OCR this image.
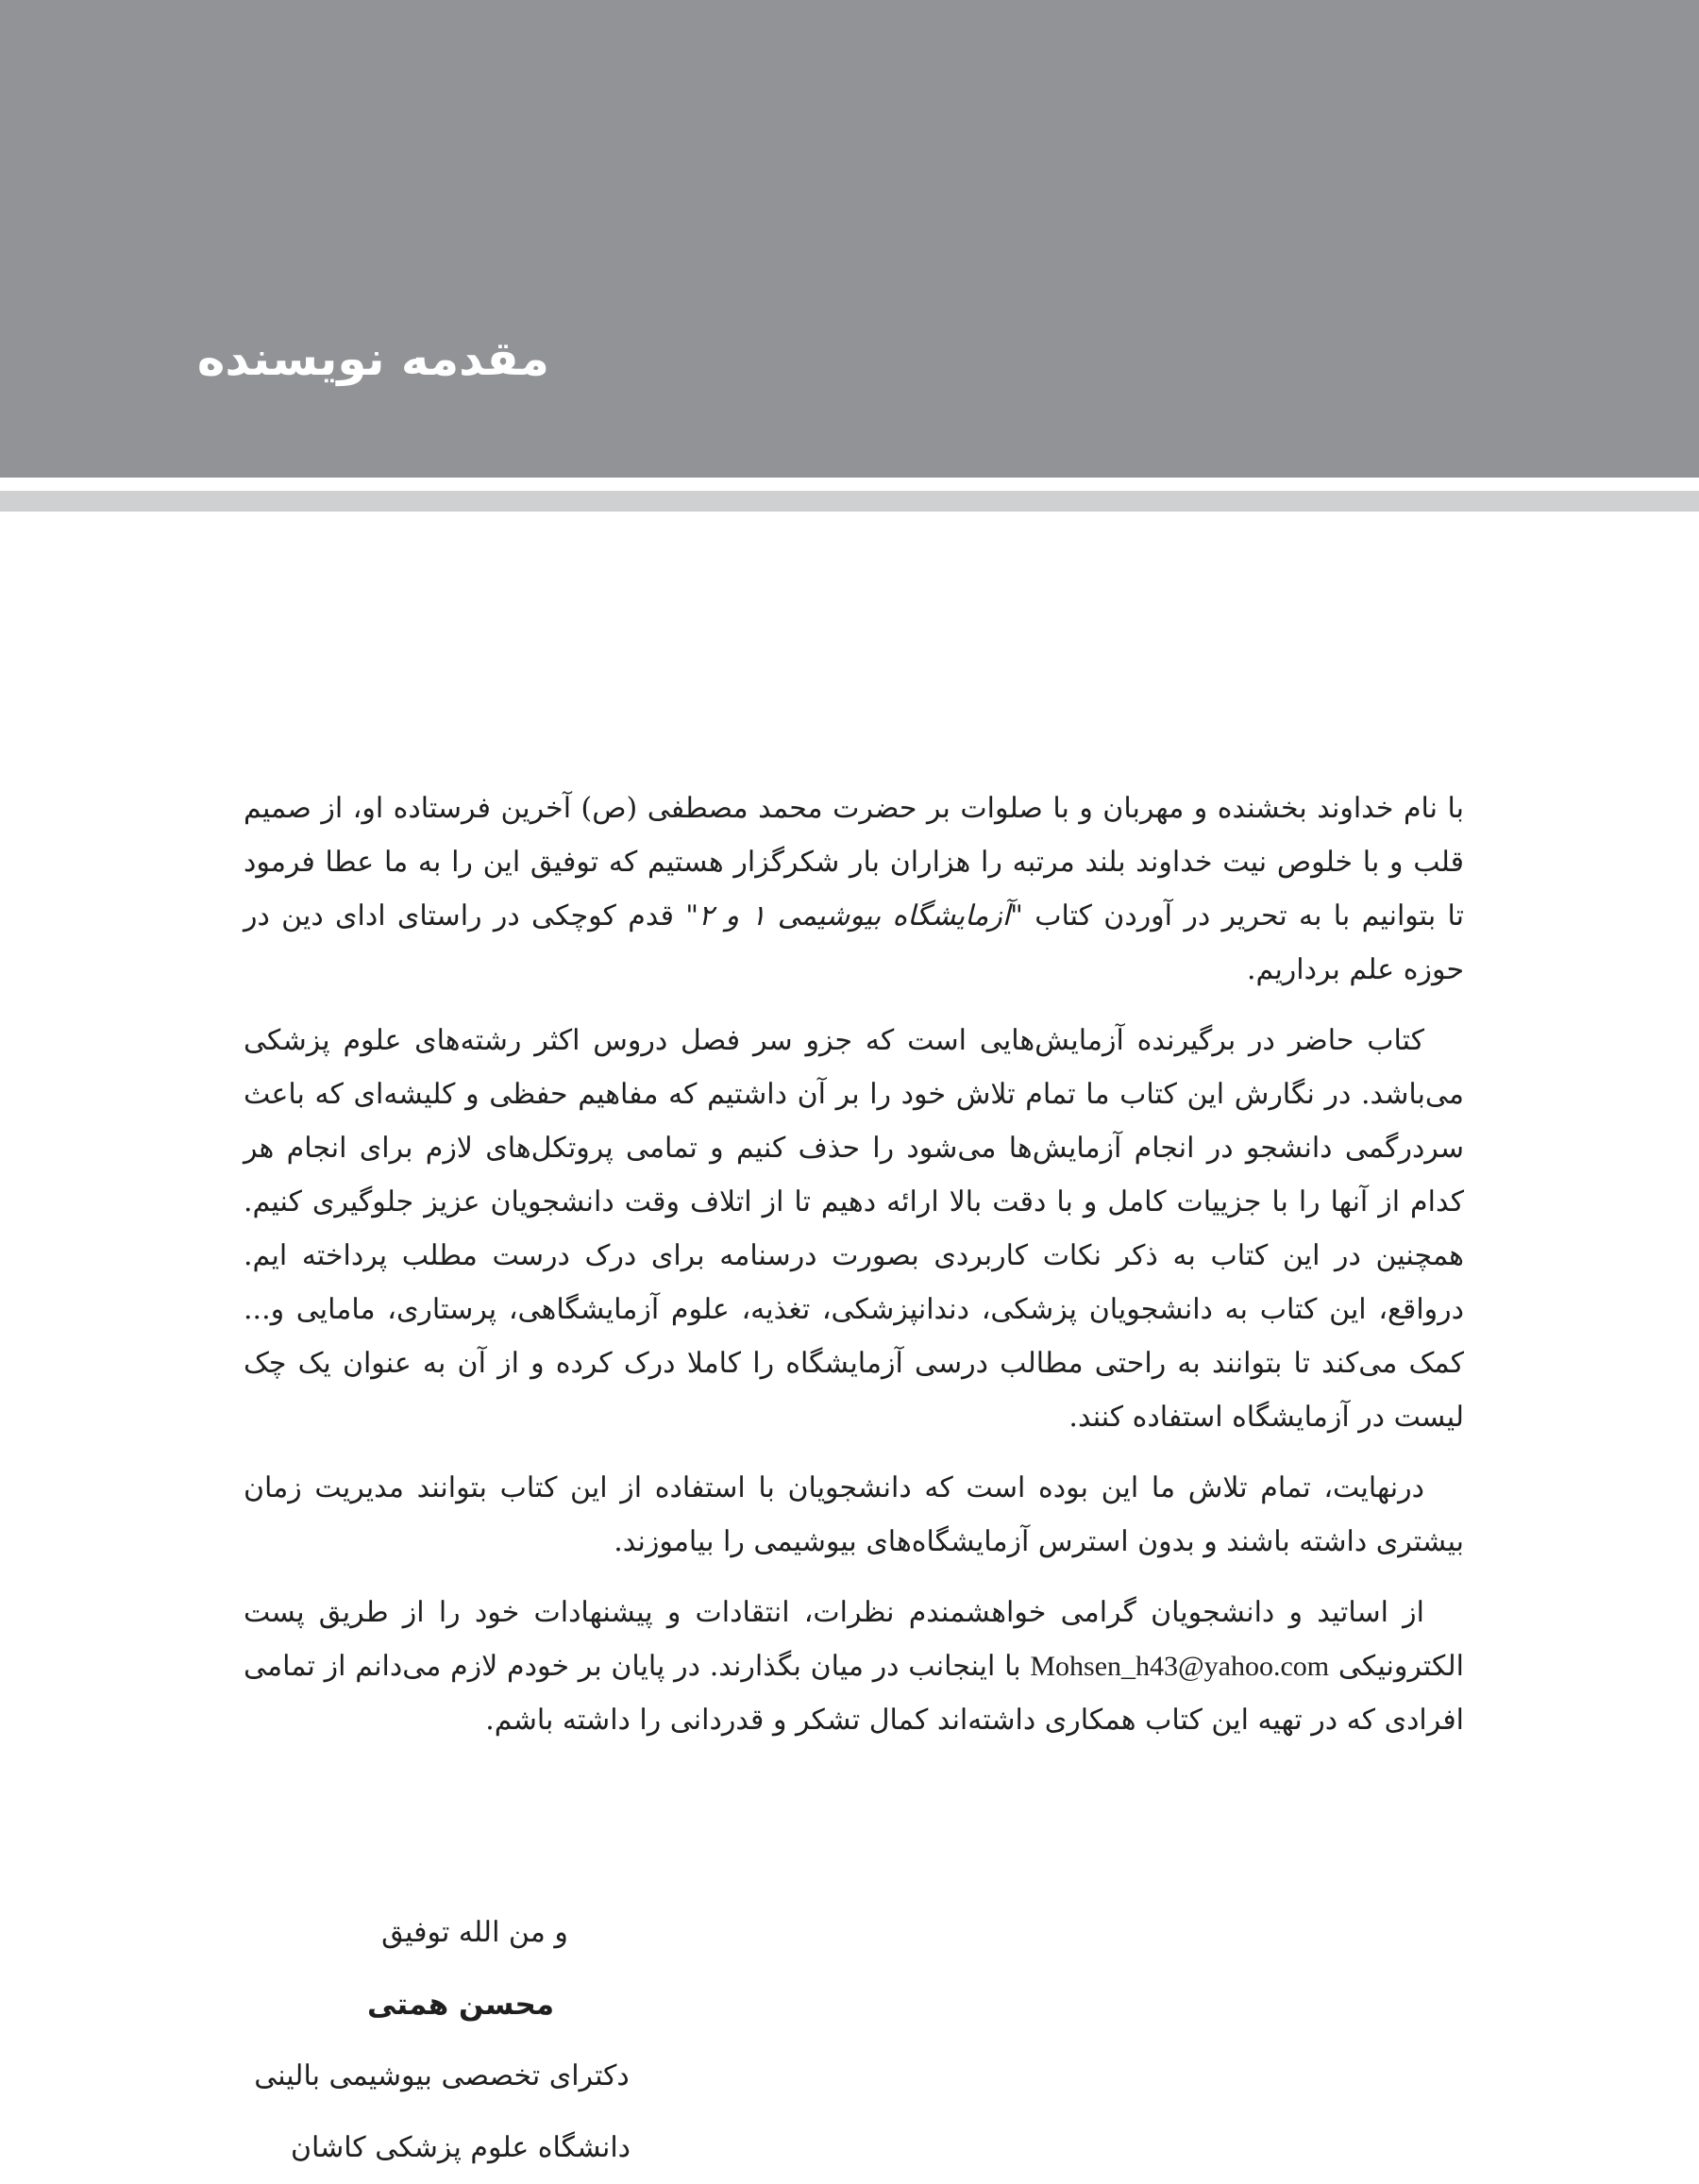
مقدمه نویسنده

با نام خداوند بخشنده و مهربان و با صلوات بر حضرت محمد مصطفی (ص) آخرین فرستاده او، از صمیم قلب و با خلوص نیت خداوند بلند مرتبه را هزاران بار شکرگزار هستیم که توفیق این را به ما عطا فرمود تا بتوانیم با به تحریر در آوردن کتاب "آزمایشگاه بیوشیمی ۱ و ۲" قدم کوچکی در راستای ادای دین در حوزه علم برداریم.

کتاب حاضر در برگیرنده آزمایش‌هایی است که جزو سر فصل دروس اکثر رشته‌های علوم پزشکی می‌باشد. در نگارش این کتاب ما تمام تلاش خود را بر آن داشتیم که مفاهیم حفظی و کلیشه‌ای که باعث سردرگمی دانشجو در انجام آزمایش‌ها می‌شود را حذف کنیم و تمامی پروتکل‌های لازم برای انجام هر کدام از آنها را با جزییات کامل و با دقت بالا ارائه دهیم تا از اتلاف وقت دانشجویان عزیز جلوگیری کنیم. همچنین در این کتاب به ذکر نکات کاربردی بصورت درسنامه برای درک درست مطلب پرداخته ایم. درواقع، این کتاب به دانشجویان پزشکی، دندانپزشکی، تغذیه، علوم آزمایشگاهی، پرستاری، مامایی و... کمک می‌کند تا بتوانند به راحتی مطالب درسی آزمایشگاه را کاملا درک کرده و از آن به عنوان یک چک لیست در آزمایشگاه استفاده کنند.

درنهایت، تمام تلاش ما این بوده است که دانشجویان با استفاده از این کتاب بتوانند مدیریت زمان بیشتری داشته باشند و بدون استرس آزمایشگاه‌های بیوشیمی را بیاموزند.

از اساتید و دانشجویان گرامی خواهشمندم نظرات، انتقادات و پیشنهادات خود را از طریق پست الکترونیکی Mohsen_h43@yahoo.com با اینجانب در میان بگذارند. در پایان بر خودم لازم می‌دانم از تمامی افرادی که در تهیه این کتاب همکاری داشته‌اند کمال تشکر و قدردانی را داشته باشم.

و من الله توفیق
محسن همتی
دکترای تخصصی بیوشیمی بالینی
دانشگاه علوم پزشکی کاشان
